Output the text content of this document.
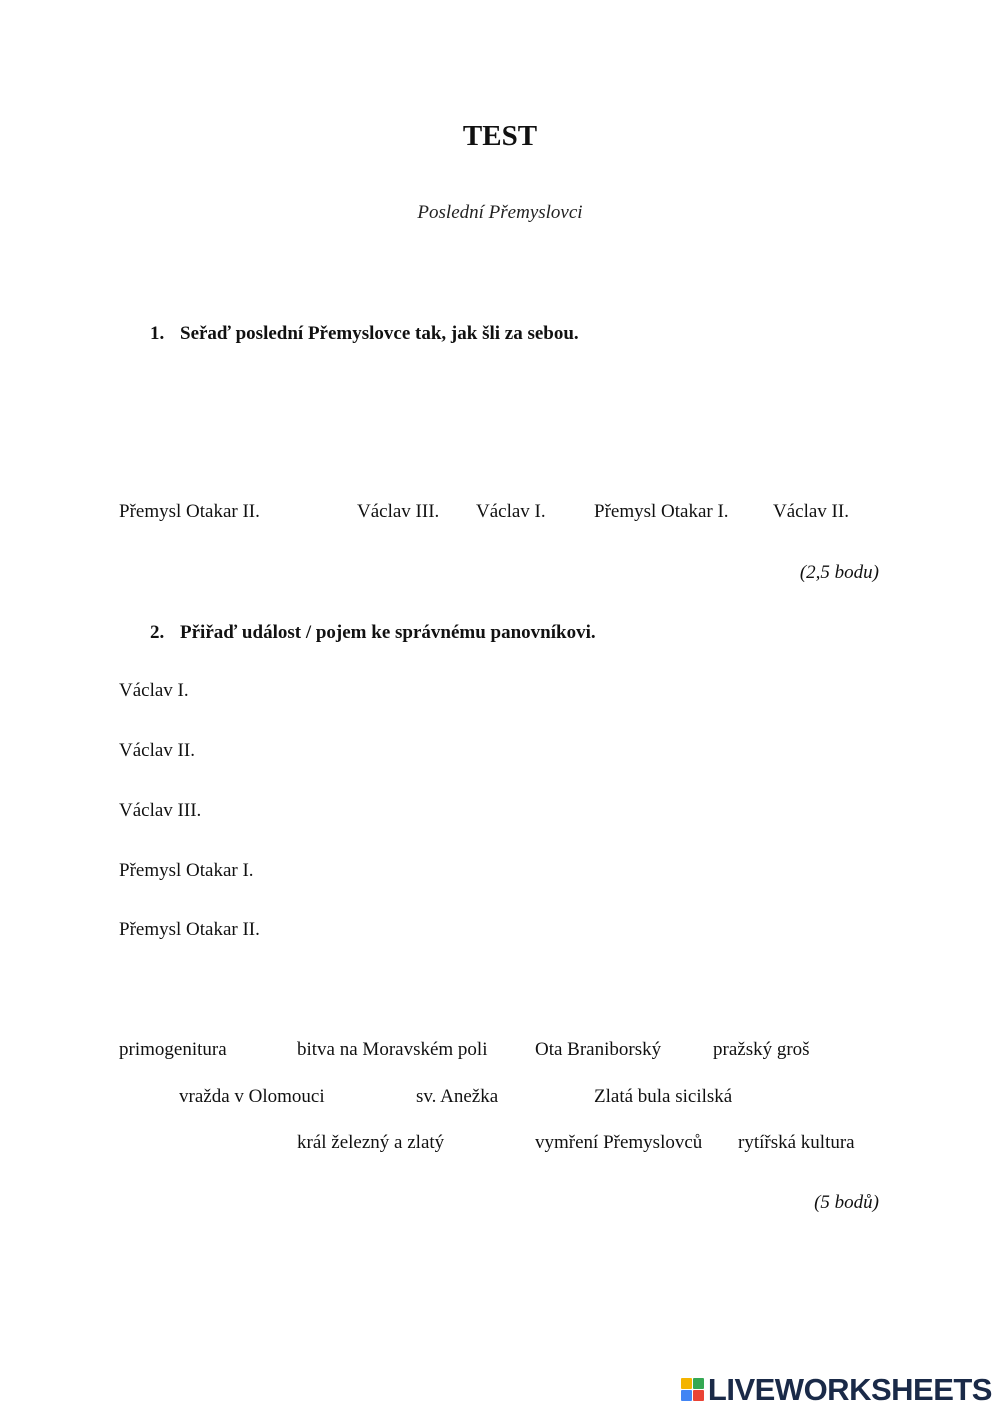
TEST
Poslední Přemyslovci
1. Seřaď poslední Přemyslovce tak, jak šli za sebou.
Přemysl Otakar II.	Václav III. Václav I.	Přemysl Otakar I. Václav II.
(2,5 bodu)
2. Přiřaď událost / pojem ke správnému panovníkovi.
Václav I.
Václav II.
Václav III.
Přemysl Otakar I.
Přemysl Otakar II.
primogenitura	bitva na Moravském poli	Ota Braniborský	pražský groš
vražda v Olomouci	sv. Anežka	Zlatá bula sicilská
král železný a zlatý	vymření Přemyslovců rytířská kultura
(5 bodů)
LIVEWORKSHEETS
